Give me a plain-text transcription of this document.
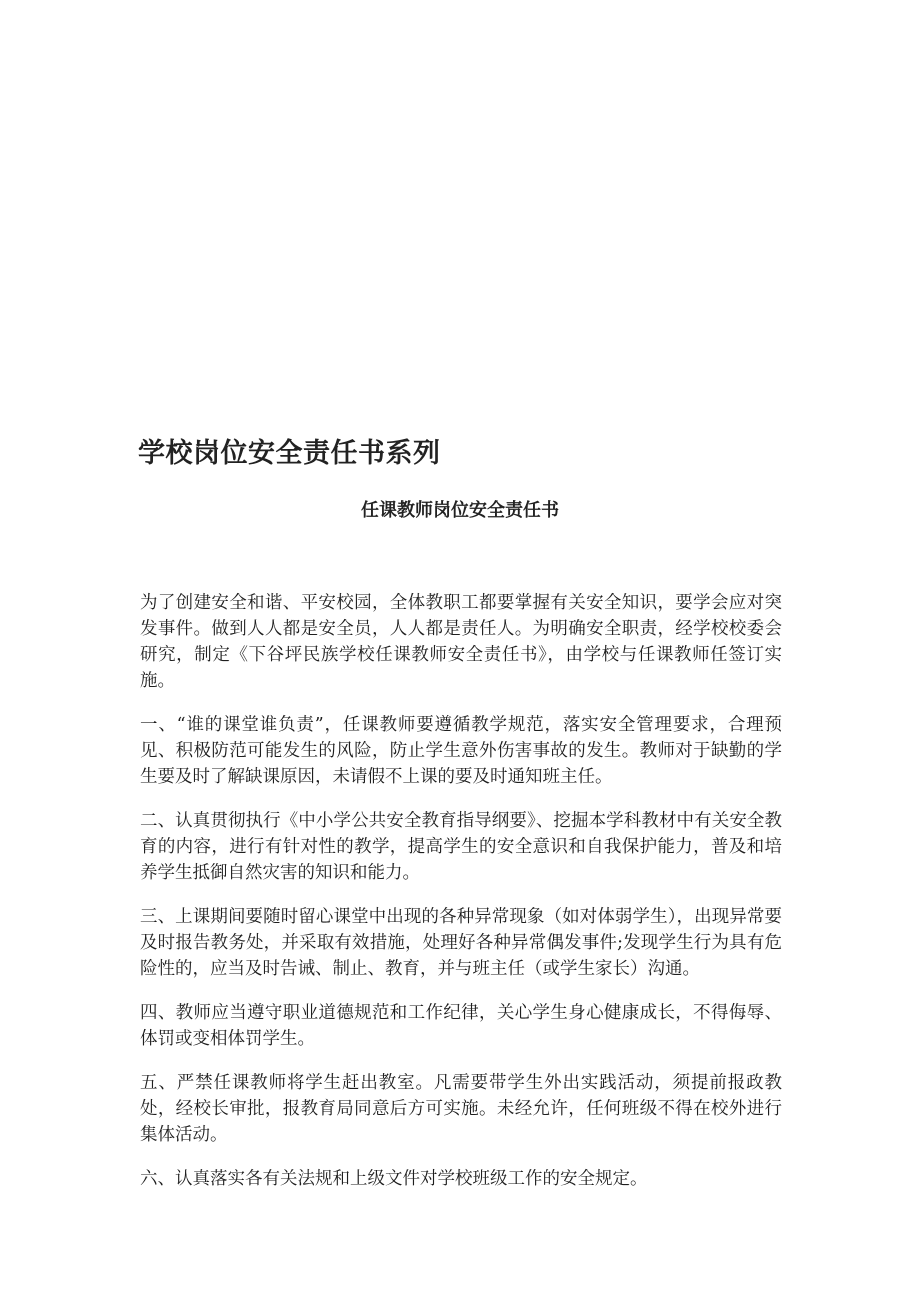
学校岗位安全责任书系列
任课教师岗位安全责任书

为了创建安全和谐、平安校园，全体教职工都要掌握有关安全知识，要学会应对突发事件。做到人人都是安全员，人人都是责任人。为明确安全职责，经学校校委会研究，制定《下谷坪民族学校任课教师安全责任书》，由学校与任课教师任签订实施。

一、“谁的课堂谁负责”，任课教师要遵循教学规范，落实安全管理要求，合理预见、积极防范可能发生的风险，防止学生意外伤害事故的发生。教师对于缺勤的学生要及时了解缺课原因，未请假不上课的要及时通知班主任。

二、认真贯彻执行《中小学公共安全教育指导纲要》、挖掘本学科教材中有关安全教育的内容，进行有针对性的教学，提高学生的安全意识和自我保护能力，普及和培养学生抵御自然灾害的知识和能力。

三、上课期间要随时留心课堂中出现的各种异常现象（如对体弱学生），出现异常要及时报告教务处，并采取有效措施，处理好各种异常偶发事件;发现学生行为具有危险性的，应当及时告诫、制止、教育，并与班主任（或学生家长）沟通。

四、教师应当遵守职业道德规范和工作纪律，关心学生身心健康成长，不得侮辱、体罚或变相体罚学生。

五、严禁任课教师将学生赶出教室。凡需要带学生外出实践活动，须提前报政教处，经校长审批，报教育局同意后方可实施。未经允许，任何班级不得在校外进行集体活动。

六、认真落实各有关法规和上级文件对学校班级工作的安全规定。
